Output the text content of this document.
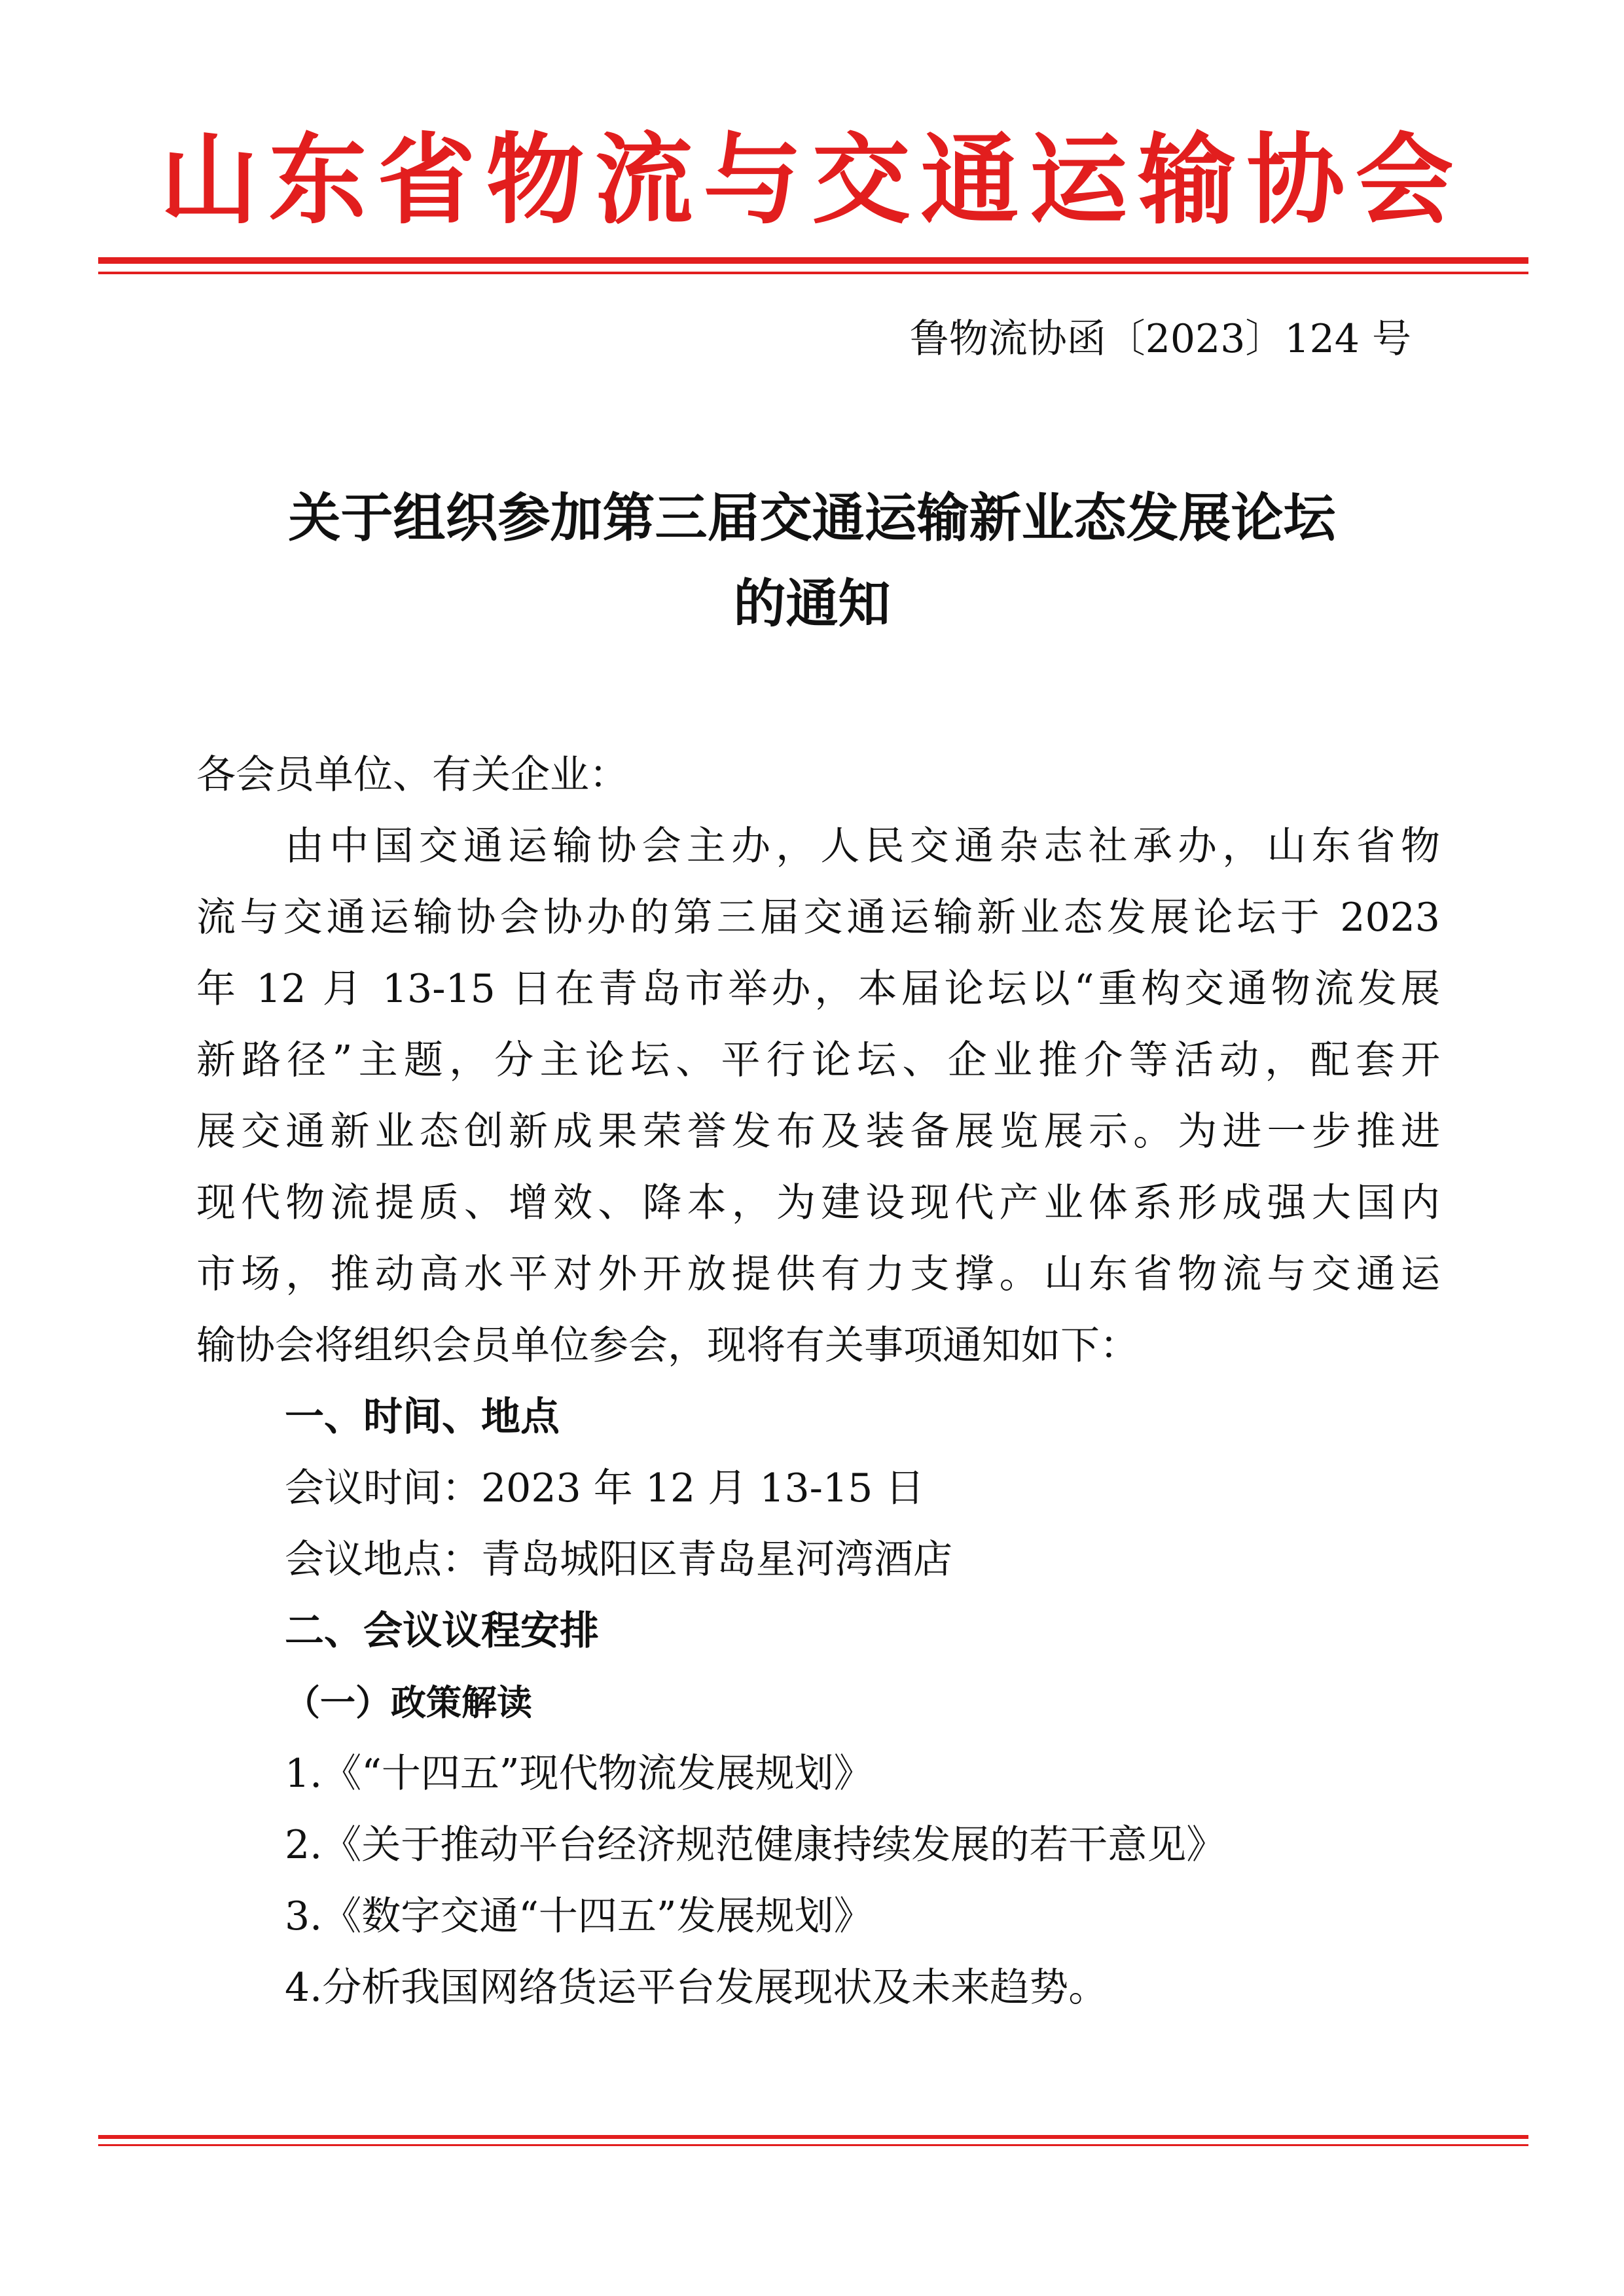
山东省物流与交通运输协会
鲁物流协函〔2023〕124 号
关于组织参加第三届交通运输新业态发展论坛
的通知
各会员单位、有关企业：
由中国交通运输协会主办，人民交通杂志社承办，山东省物
流与交通运输协会协办的第三届交通运输新业态发展论坛于 2023
年 12 月 13-15 日在青岛市举办，本届论坛以“重构交通物流发展
新路径”主题，分主论坛、平行论坛、企业推介等活动，配套开
展交通新业态创新成果荣誉发布及装备展览展示。为进一步推进
现代物流提质、增效、降本，为建设现代产业体系形成强大国内
市场，推动高水平对外开放提供有力支撑。山东省物流与交通运
输协会将组织会员单位参会，现将有关事项通知如下：
一、时间、地点
会议时间：2023 年 12 月 13-15 日
会议地点：青岛城阳区青岛星河湾酒店
二、会议议程安排
（一）政策解读
1.《“十四五”现代物流发展规划》
2.《关于推动平台经济规范健康持续发展的若干意见》
3.《数字交通“十四五”发展规划》
4.分析我国网络货运平台发展现状及未来趋势。
